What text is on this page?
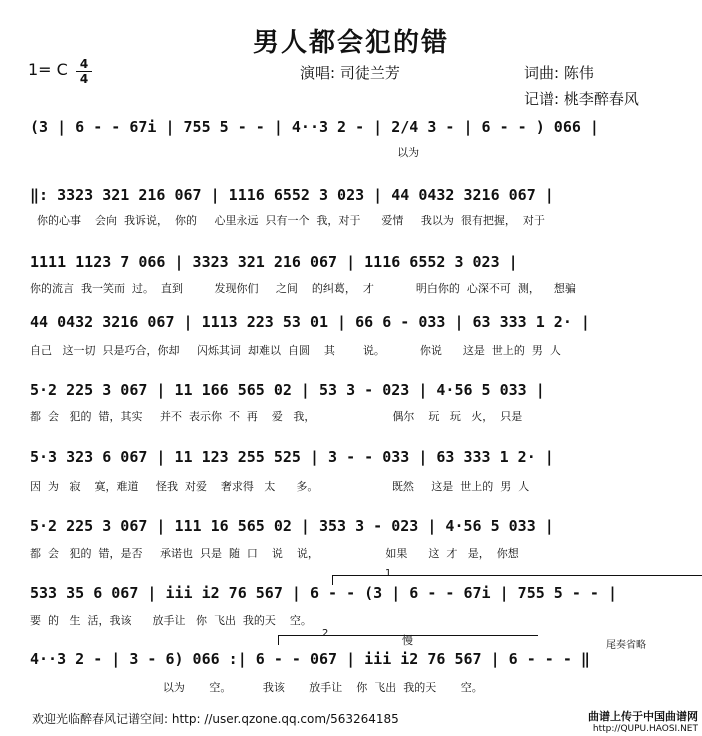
男人都会犯的错
1= C 4
4	演唱: 司徒兰芳	词曲: 陈伟
记谱: 桃李醉春风
(3 | 6 - - 67i | 755 5 - - | 4··3 2 - | 2/4 3 - | 6 - - ) 066 |
以为
‖: 3323 321 216 067 | 1116 6552 3 023 | 44 0432 3216 067 |
你的心事    会向  我诉说，  你的     心里永远  只有一个  我，对于      爱情     我以为  很有把握，  对于
1111 1123 7 066 | 3323 321 216 067 | 1116 6552 3 023 |
你的流言  我一笑而  过。  直到         发现你们     之间    的纠葛，  才            明白你的  心深不可  测，    想骗
44 0432 3216 067 | 1113 223 53 01 | 66 6 - 033 | 63 333 1 2· |
自己   这一切  只是巧合，你却     闪烁其词  却难以  自圆    其        说。          你说      这是  世上的  男  人
5·2 225 3 067 | 11 166 565 02 | 53 3 - 023 | 4·56 5 033 |
都  会   犯的  错，其实     并不  表示你  不  再    爱   我，                      偶尔    玩   玩   火，  只是
5·3 323 6 067 | 11 123 255 525 | 3 - - 033 | 63 333 1 2· |
因  为   寂    寞，难道     怪我  对爱    奢求得   太      多。                     既然     这是  世上的  男  人
5·2 225 3 067 | 111 16 565 02 | 353 3 - 023 | 4·56 5 033 |
都  会   犯的  错，是否     承诺也  只是  随  口    说    说，                   如果      这  才   是，  你想
1
533 35 6 067 | iii i2 76 567 | 6 - - (3 | 6 - - 67i | 755 5 - - |
要  的   生  活，我该      放手让   你  飞出  我的天    空。
2
慢	尾奏省略
4··3 2 - | 3 - 6) 066 :| 6 - - 067 | iii i2 76 567 | 6 - - - ‖
以为       空。         我该       放手让    你  飞出  我的天       空。
欢迎光临醉春风记谱空间: http: //user.qzone.qq.com/563264185	曲谱上传于中国曲谱网
http://QUPU.HAOSI.NET
